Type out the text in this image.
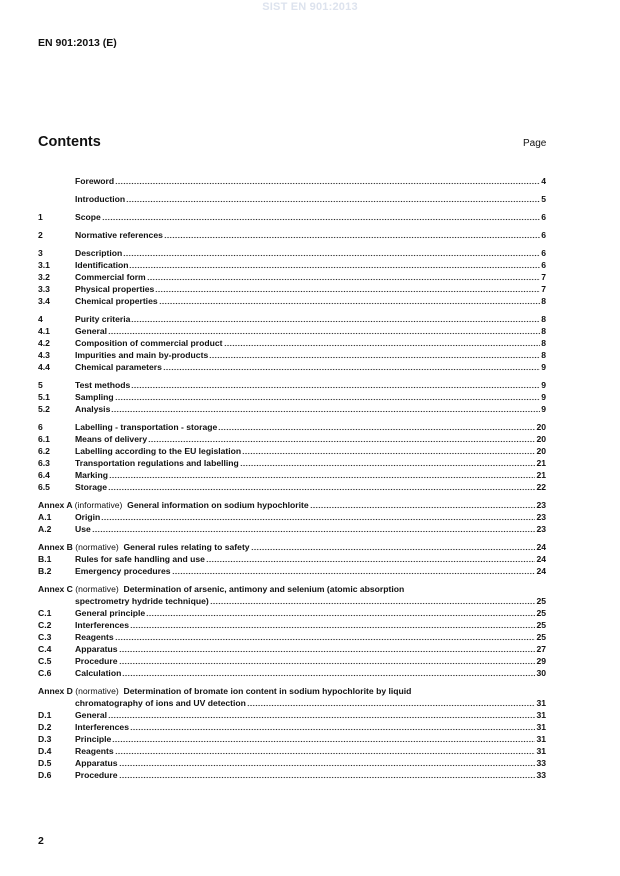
SIST EN 901:2013
EN 901:2013 (E)
Contents	Page
Foreword	4
Introduction	5
1	Scope	6
2	Normative references	6
3	Description	6
3.1	Identification	6
3.2	Commercial form	7
3.3	Physical properties	7
3.4	Chemical properties	8
4	Purity criteria	8
4.1	General	8
4.2	Composition of commercial product	8
4.3	Impurities and main by-products	8
4.4	Chemical parameters	9
5	Test methods	9
5.1	Sampling	9
5.2	Analysis	9
6	Labelling - transportation - storage	20
6.1	Means of delivery	20
6.2	Labelling according to the EU legislation	20
6.3	Transportation regulations and labelling	21
6.4	Marking	21
6.5	Storage	22
Annex A (informative) General information on sodium hypochlorite	23
A.1	Origin	23
A.2	Use	23
Annex B (normative) General rules relating to safety	24
B.1	Rules for safe handling and use	24
B.2	Emergency procedures	24
Annex C (normative) Determination of arsenic, antimony and selenium (atomic absorption
spectrometry hydride technique)	25
C.1	General principle	25
C.2	Interferences	25
C.3	Reagents	25
C.4	Apparatus	27
C.5	Procedure	29
C.6	Calculation	30
Annex D (normative) Determination of bromate ion content in sodium hypochlorite by liquid
chromatography of ions and UV detection	31
D.1	General	31
D.2	Interferences	31
D.3	Principle	31
D.4	Reagents	31
D.5	Apparatus	33
D.6	Procedure	33
2
